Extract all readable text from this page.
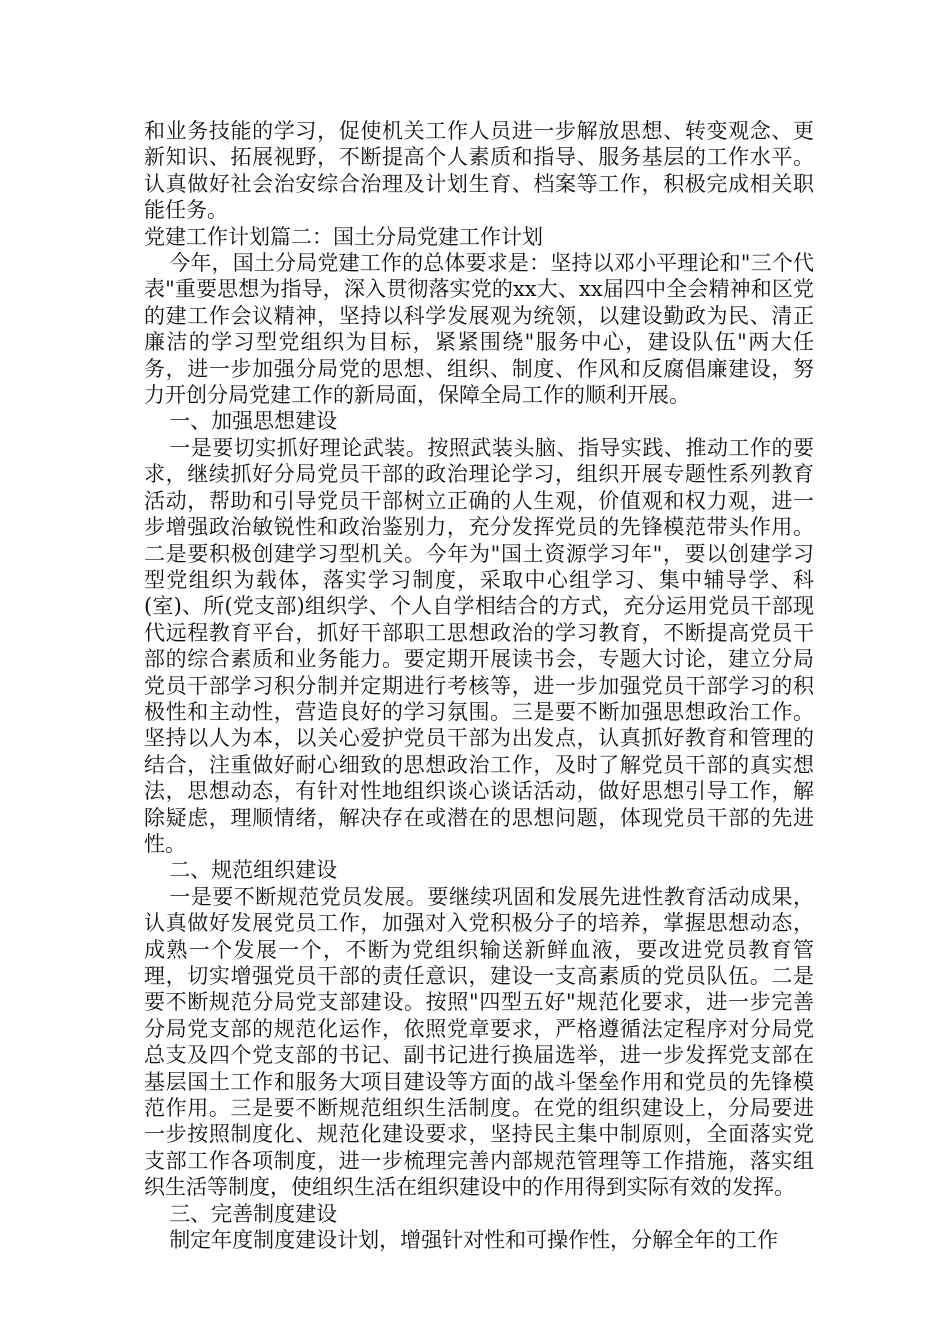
和业务技能的学习，促使机关工作人员进一步解放思想、转变观念、更新知识、拓展视野，不断提高个人素质和指导、服务基层的工作水平。认真做好社会治安综合治理及计划生育、档案等工作，积极完成相关职能任务。

党建工作计划篇二：国土分局党建工作计划

今年，国土分局党建工作的总体要求是：坚持以邓小平理论和"三个代表"重要思想为指导，深入贯彻落实党的xx大、xx届四中全会精神和区党的建工作会议精神，坚持以科学发展观为统领，以建设勤政为民、清正廉洁的学习型党组织为目标，紧紧围绕"服务中心，建设队伍"两大任务，进一步加强分局党的思想、组织、制度、作风和反腐倡廉建设，努力开创分局党建工作的新局面，保障全局工作的顺利开展。

一、加强思想建设

一是要切实抓好理论武装。按照武装头脑、指导实践、推动工作的要求，继续抓好分局党员干部的政治理论学习，组织开展专题性系列教育活动，帮助和引导党员干部树立正确的人生观，价值观和权力观，进一步增强政治敏锐性和政治鉴别力，充分发挥党员的先锋模范带头作用。二是要积极创建学习型机关。今年为"国土资源学习年"，要以创建学习型党组织为载体，落实学习制度，采取中心组学习、集中辅导学、科(室)、所(党支部)组织学、个人自学相结合的方式，充分运用党员干部现代远程教育平台，抓好干部职工思想政治的学习教育，不断提高党员干部的综合素质和业务能力。要定期开展读书会，专题大讨论，建立分局党员干部学习积分制并定期进行考核等，进一步加强党员干部学习的积极性和主动性，营造良好的学习氛围。三是要不断加强思想政治工作。坚持以人为本，以关心爱护党员干部为出发点，认真抓好教育和管理的结合，注重做好耐心细致的思想政治工作，及时了解党员干部的真实想法，思想动态，有针对性地组织谈心谈话活动，做好思想引导工作，解除疑虑，理顺情绪，解决存在或潜在的思想问题，体现党员干部的先进性。

二、规范组织建设

一是要不断规范党员发展。要继续巩固和发展先进性教育活动成果，认真做好发展党员工作，加强对入党积极分子的培养，掌握思想动态，成熟一个发展一个，不断为党组织输送新鲜血液，要改进党员教育管理，切实增强党员干部的责任意识，建设一支高素质的党员队伍。二是要不断规范分局党支部建设。按照"四型五好"规范化要求，进一步完善分局党支部的规范化运作，依照党章要求，严格遵循法定程序对分局党总支及四个党支部的书记、副书记进行换届选举，进一步发挥党支部在基层国土工作和服务大项目建设等方面的战斗堡垒作用和党员的先锋模范作用。三是要不断规范组织生活制度。在党的组织建设上，分局要进一步按照制度化、规范化建设要求，坚持民主集中制原则，全面落实党支部工作各项制度，进一步梳理完善内部规范管理等工作措施，落实组织生活等制度，使组织生活在组织建设中的作用得到实际有效的发挥。

三、完善制度建设

制定年度制度建设计划，增强针对性和可操作性，分解全年的工作
